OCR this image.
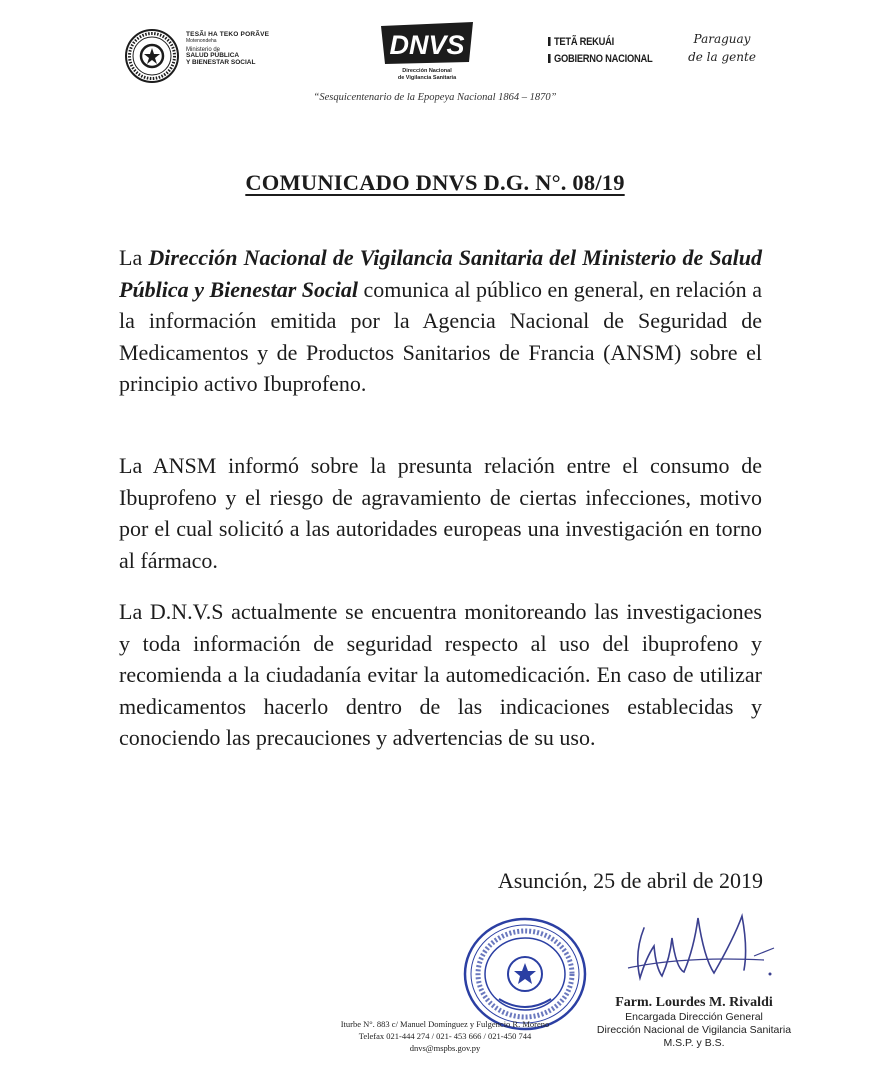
TESÃI HA TEKO PORÃVE
Motenondeha
Ministerio de
SALUD PÚBLICA
Y BIENESTAR SOCIAL
DNVS
Dirección Nacional
de Vigilancia Sanitaria
TETÃ REKUÁI
GOBIERNO NACIONAL
Paraguay
de la gente
“Sesquicentenario de la Epopeya Nacional 1864 – 1870”
COMUNICADO DNVS D.G. N°. 08/19

La Dirección Nacional de Vigilancia Sanitaria del Ministerio de Salud Pública y Bienestar Social comunica al público en general, en relación a la información emitida por la Agencia Nacional de Seguridad de Medicamentos y de Productos Sanitarios de Francia (ANSM) sobre el principio activo Ibuprofeno.

La ANSM informó sobre la presunta relación entre el consumo de Ibuprofeno y el riesgo de agravamiento de ciertas infecciones, motivo por el cual solicitó a las autoridades europeas una investigación en torno al fármaco.

La D.N.V.S actualmente se encuentra monitoreando las investigaciones y toda información de seguridad respecto al uso del ibuprofeno y recomienda a la ciudadanía evitar la automedicación. En caso de utilizar medicamentos hacerlo dentro de las indicaciones establecidas y conociendo las precauciones y advertencias de su uso.

Asunción, 25 de abril de 2019
Iturbe N°. 883 c/ Manuel Domínguez y Fulgencio R. Moreno
Telefax 021-444 274 / 021- 453 666 / 021-450 744
dnvs@mspbs.gov.py
Farm. Lourdes M. Rivaldi
Encargada Dirección General
Dirección Nacional de Vigilancia Sanitaria
M.S.P. y B.S.
